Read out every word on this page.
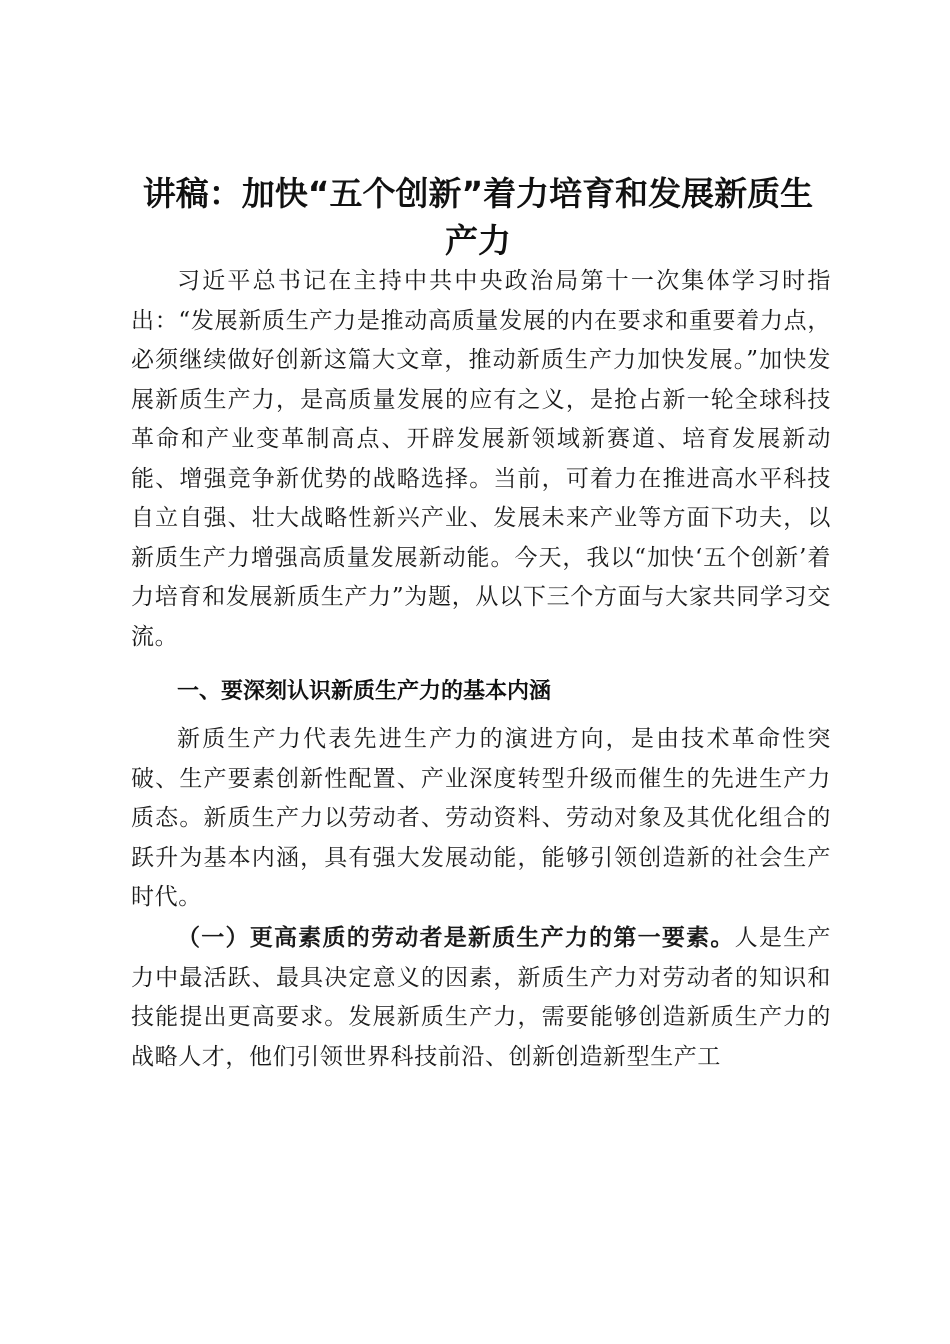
讲稿：加快“五个创新”着力培育和发展新质生产力
习近平总书记在主持中共中央政治局第十一次集体学习时指出：“发展新质生产力是推动高质量发展的内在要求和重要着力点，必须继续做好创新这篇大文章，推动新质生产力加快发展。”加快发展新质生产力，是高质量发展的应有之义，是抢占新一轮全球科技革命和产业变革制高点、开辟发展新领域新赛道、培育发展新动能、增强竞争新优势的战略选择。当前，可着力在推进高水平科技自立自强、壮大战略性新兴产业、发展未来产业等方面下功夫，以新质生产力增强高质量发展新动能。今天，我以“加快‘五个创新’着力培育和发展新质生产力”为题，从以下三个方面与大家共同学习交流。
一、要深刻认识新质生产力的基本内涵
新质生产力代表先进生产力的演进方向，是由技术革命性突破、生产要素创新性配置、产业深度转型升级而催生的先进生产力质态。新质生产力以劳动者、劳动资料、劳动对象及其优化组合的跃升为基本内涵，具有强大发展动能，能够引领创造新的社会生产时代。
（一）更高素质的劳动者是新质生产力的第一要素。人是生产力中最活跃、最具决定意义的因素，新质生产力对劳动者的知识和技能提出更高要求。发展新质生产力，需要能够创造新质生产力的战略人才，他们引领世界科技前沿、创新创造新型生产工
